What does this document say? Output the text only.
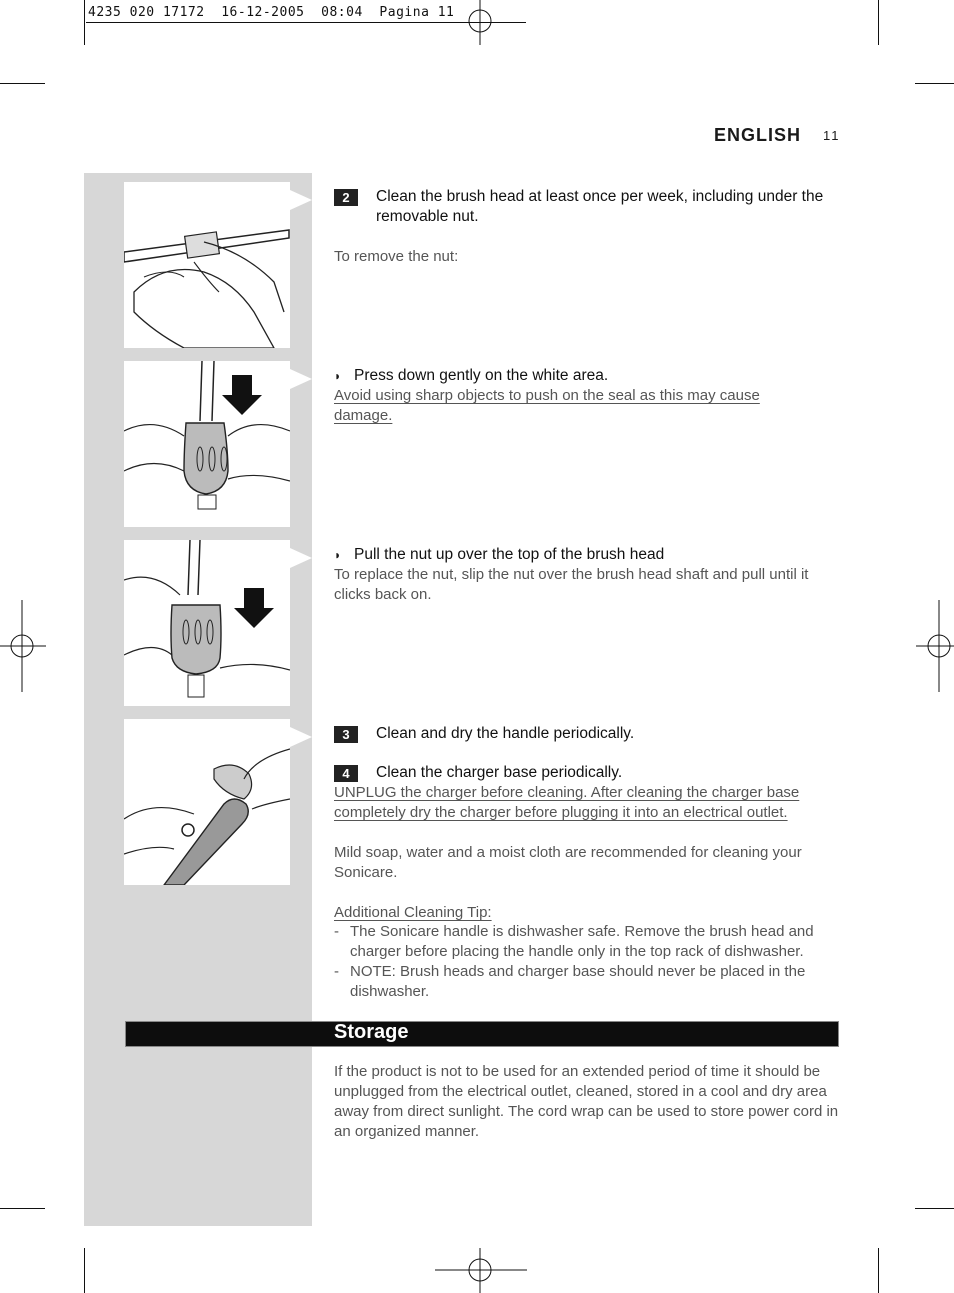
4235 020 17172  16-12-2005  08:04  Pagina 11
ENGLISH 11
2	Clean the brush head at least once per week, including under the removable nut.
To remove the nut:
◗ Press down gently on the white area.
Avoid using sharp objects to push on the seal as this may cause damage.
◗ Pull the nut up over the top of the brush head
To replace the nut, slip the nut over the brush head shaft and pull until it clicks back on.
3	Clean and dry the handle periodically.
4	Clean the charger base periodically.
UNPLUG the charger before cleaning. After cleaning the charger base completely dry the charger before plugging it into an electrical outlet.
Mild soap, water and a moist cloth are recommended for cleaning your Sonicare.
Additional Cleaning Tip:
- The Sonicare handle is dishwasher safe. Remove the brush head and charger before placing the handle only in the top rack of dishwasher.
- NOTE: Brush heads and charger base should never be placed in the dishwasher.
Storage
If the product is not to be used for an extended period of time it should be unplugged from the electrical outlet, cleaned, stored in a cool and dry area away from direct sunlight. The cord wrap can be used to store power cord in an organized manner.
